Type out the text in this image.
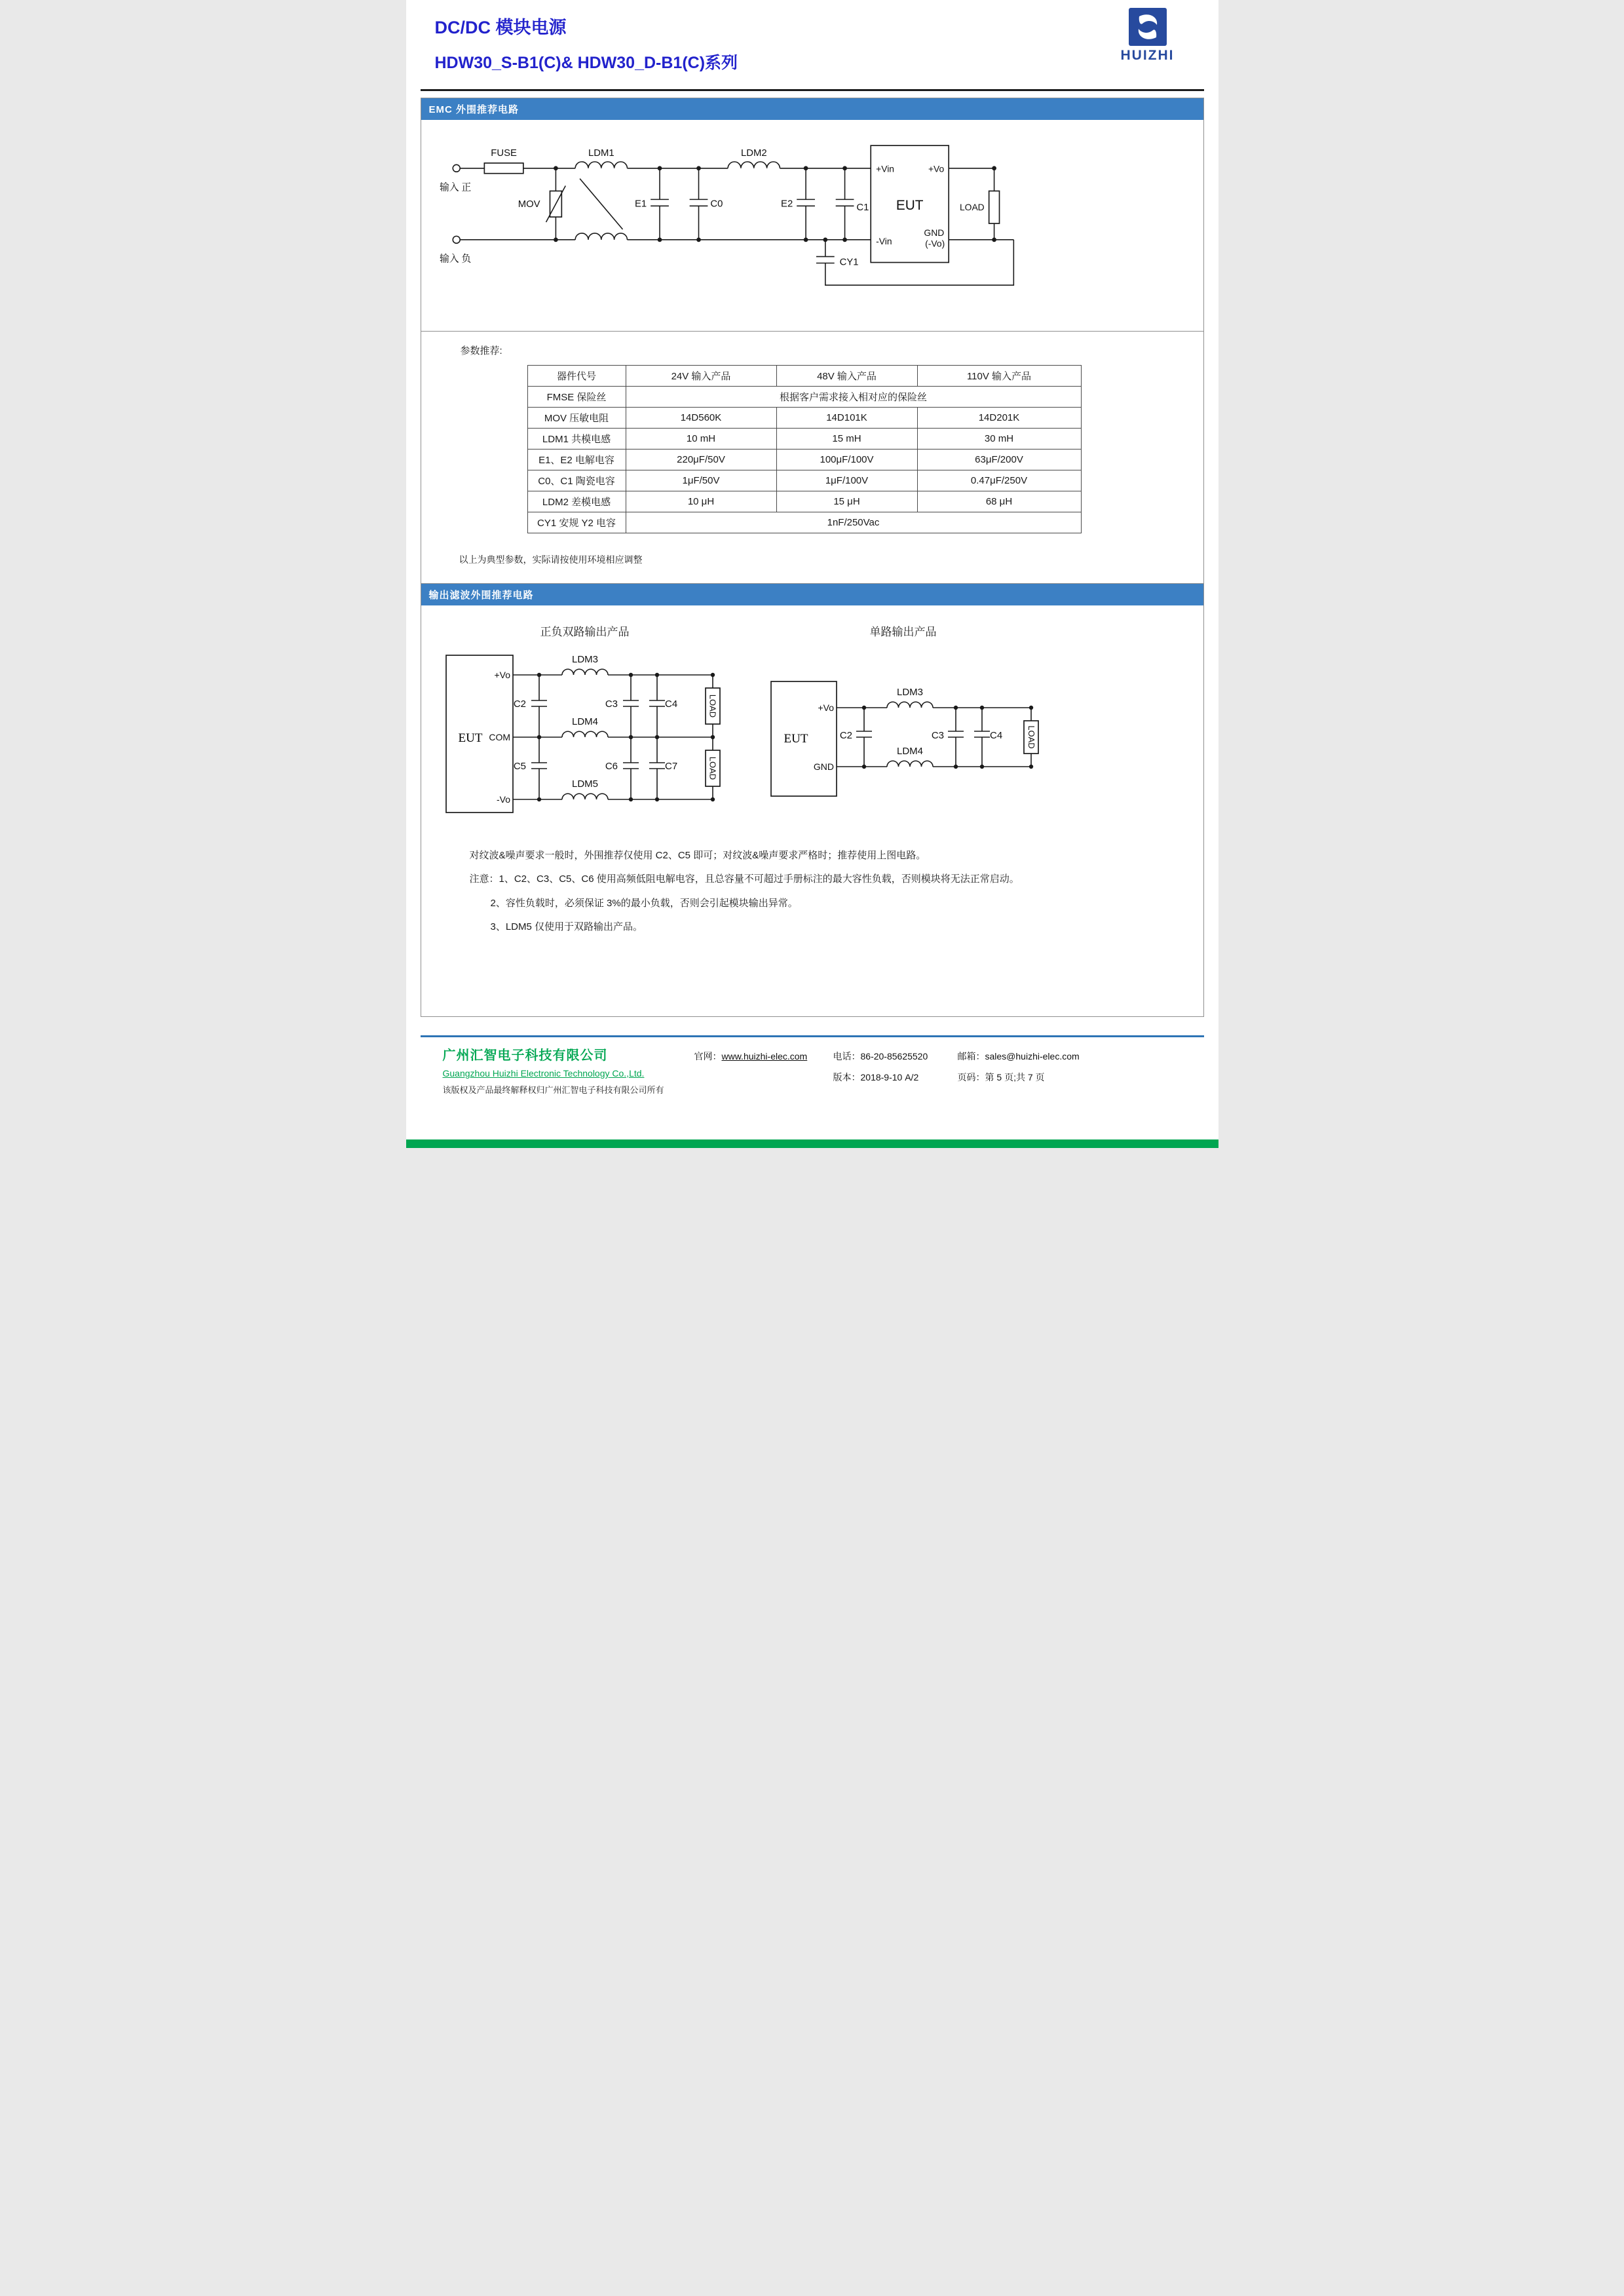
DC/DC 模块电源
HDW30_S-B1(C)& HDW30_D-B1(C)系列	HUIZHI
EMC 外围推荐电路
输入 正
输入 负
FUSE
MOV
LDM1
E1	C0
LDM2
E2	C1
CY1
+Vin
-Vin
EUT
+Vo
GND
(-Vo)
LOAD
参数推荐:
器件代号	24V 输入产品	48V 输入产品	110V 输入产品
FMSE 保险丝	根据客户需求接入相对应的保险丝		
MOV 压敏电阻	14D560K	14D101K	14D201K
LDM1 共模电感	10 mH	15 mH	30 mH
E1、E2 电解电容	220μF/50V	100μF/100V	63μF/200V
C0、C1 陶瓷电容	1μF/50V	1μF/100V	0.47μF/250V
LDM2 差模电感	10 μH	15 μH	68 μH
CY1 安规 Y2 电容	1nF/250Vac		
以上为典型参数，实际请按使用环境相应调整
输出滤波外围推荐电路
正负双路输出产品
EUT
+Vo
COM
-Vo
LDM3
LDM4
LDM5
C2	C3	C4
C5	C6	C7
LOAD
LOAD
单路输出产品
EUT
+Vo
GND
LDM3
LDM4
C2	C3	C4	LOAD

对纹波&噪声要求一般时，外围推荐仅使用 C2、C5 即可；对纹波&噪声要求严格时；推荐使用上图电路。

注意：1、C2、C3、C5、C6 使用高频低阻电解电容，且总容量不可超过手册标注的最大容性负载，否则模块将无法正常启动。

2、容性负载时，必须保证 3%的最小负载，否则会引起模块输出异常。

3、LDM5 仅使用于双路输出产品。

广州汇智电子科技有限公司
Guangzhou Huizhi Electronic Technology Co.,Ltd.
该版权及产品最终解释权归广州汇智电子科技有限公司所有
官网：www.huizhi-elec.com	电话：86-20-85625520	邮箱：sales@huizhi-elec.com
版本：2018-9-10 A/2	页码：第 5 页;共 7 页
